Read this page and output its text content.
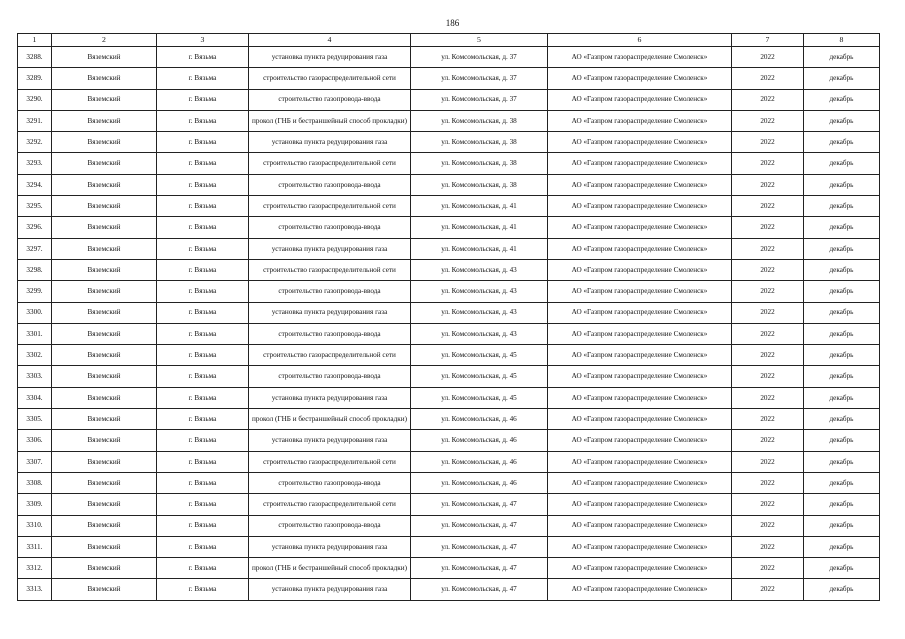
186
1	2	3	4	5	6	7	8
3288.	Вяземский	г. Вязьма	установка пункта редуцирования газа	ул. Комсомольская, д. 37	АО «Газпром газораспределение Смоленск»	2022	декабрь
3289.	Вяземский	г. Вязьма	строительство газораспределительной сети	ул. Комсомольская, д. 37	АО «Газпром газораспределение Смоленск»	2022	декабрь
3290.	Вяземский	г. Вязьма	строительство газопровода-ввода	ул. Комсомольская, д. 37	АО «Газпром газораспределение Смоленск»	2022	декабрь
3291.	Вяземский	г. Вязьма	прокол (ГНБ и бестраншейный способ прокладки)	ул. Комсомольская, д. 38	АО «Газпром газораспределение Смоленск»	2022	декабрь
3292.	Вяземский	г. Вязьма	установка пункта редуцирования газа	ул. Комсомольская, д. 38	АО «Газпром газораспределение Смоленск»	2022	декабрь
3293.	Вяземский	г. Вязьма	строительство газораспределительной сети	ул. Комсомольская, д. 38	АО «Газпром газораспределение Смоленск»	2022	декабрь
3294.	Вяземский	г. Вязьма	строительство газопровода-ввода	ул. Комсомольская, д. 38	АО «Газпром газораспределение Смоленск»	2022	декабрь
3295.	Вяземский	г. Вязьма	строительство газораспределительной сети	ул. Комсомольская, д. 41	АО «Газпром газораспределение Смоленск»	2022	декабрь
3296.	Вяземский	г. Вязьма	строительство газопровода-ввода	ул. Комсомольская, д. 41	АО «Газпром газораспределение Смоленск»	2022	декабрь
3297.	Вяземский	г. Вязьма	установка пункта редуцирования газа	ул. Комсомольская, д. 41	АО «Газпром газораспределение Смоленск»	2022	декабрь
3298.	Вяземский	г. Вязьма	строительство газораспределительной сети	ул. Комсомольская, д. 43	АО «Газпром газораспределение Смоленск»	2022	декабрь
3299.	Вяземский	г. Вязьма	строительство газопровода-ввода	ул. Комсомольская, д. 43	АО «Газпром газораспределение Смоленск»	2022	декабрь
3300.	Вяземский	г. Вязьма	установка пункта редуцирования газа	ул. Комсомольская, д. 43	АО «Газпром газораспределение Смоленск»	2022	декабрь
3301.	Вяземский	г. Вязьма	строительство газопровода-ввода	ул. Комсомольская, д. 43	АО «Газпром газораспределение Смоленск»	2022	декабрь
3302.	Вяземский	г. Вязьма	строительство газораспределительной сети	ул. Комсомольская, д. 45	АО «Газпром газораспределение Смоленск»	2022	декабрь
3303.	Вяземский	г. Вязьма	строительство газопровода-ввода	ул. Комсомольская, д. 45	АО «Газпром газораспределение Смоленск»	2022	декабрь
3304.	Вяземский	г. Вязьма	установка пункта редуцирования газа	ул. Комсомольская, д. 45	АО «Газпром газораспределение Смоленск»	2022	декабрь
3305.	Вяземский	г. Вязьма	прокол (ГНБ и бестраншейный способ прокладки)	ул. Комсомольская, д. 46	АО «Газпром газораспределение Смоленск»	2022	декабрь
3306.	Вяземский	г. Вязьма	установка пункта редуцирования газа	ул. Комсомольская, д. 46	АО «Газпром газораспределение Смоленск»	2022	декабрь
3307.	Вяземский	г. Вязьма	строительство газораспределительной сети	ул. Комсомольская, д. 46	АО «Газпром газораспределение Смоленск»	2022	декабрь
3308.	Вяземский	г. Вязьма	строительство газопровода-ввода	ул. Комсомольская, д. 46	АО «Газпром газораспределение Смоленск»	2022	декабрь
3309.	Вяземский	г. Вязьма	строительство газораспределительной сети	ул. Комсомольская, д. 47	АО «Газпром газораспределение Смоленск»	2022	декабрь
3310.	Вяземский	г. Вязьма	строительство газопровода-ввода	ул. Комсомольская, д. 47	АО «Газпром газораспределение Смоленск»	2022	декабрь
3311.	Вяземский	г. Вязьма	установка пункта редуцирования газа	ул. Комсомольская, д. 47	АО «Газпром газораспределение Смоленск»	2022	декабрь
3312.	Вяземский	г. Вязьма	прокол (ГНБ и бестраншейный способ прокладки)	ул. Комсомольская, д. 47	АО «Газпром газораспределение Смоленск»	2022	декабрь
3313.	Вяземский	г. Вязьма	установка пункта редуцирования газа	ул. Комсомольская, д. 47	АО «Газпром газораспределение Смоленск»	2022	декабрь
